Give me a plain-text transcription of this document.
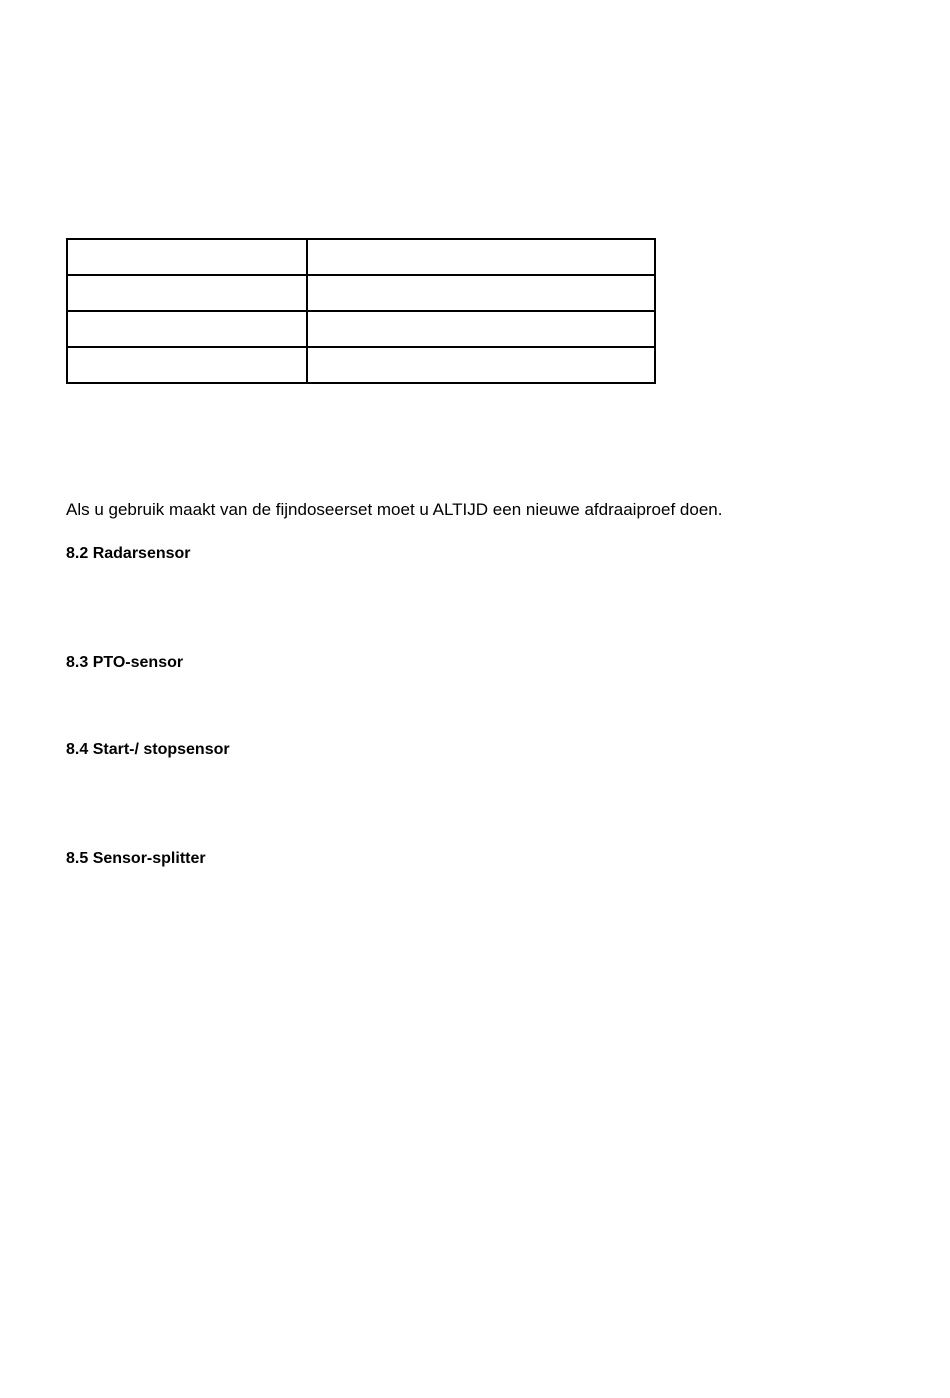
Als u gebruik maakt van de fijndoseerset moet u ALTIJD een nieuwe afdraaiproef doen.
8.2 Radarsensor
8.3 PTO-sensor
8.4 Start-/ stopsensor
8.5 Sensor-splitter
